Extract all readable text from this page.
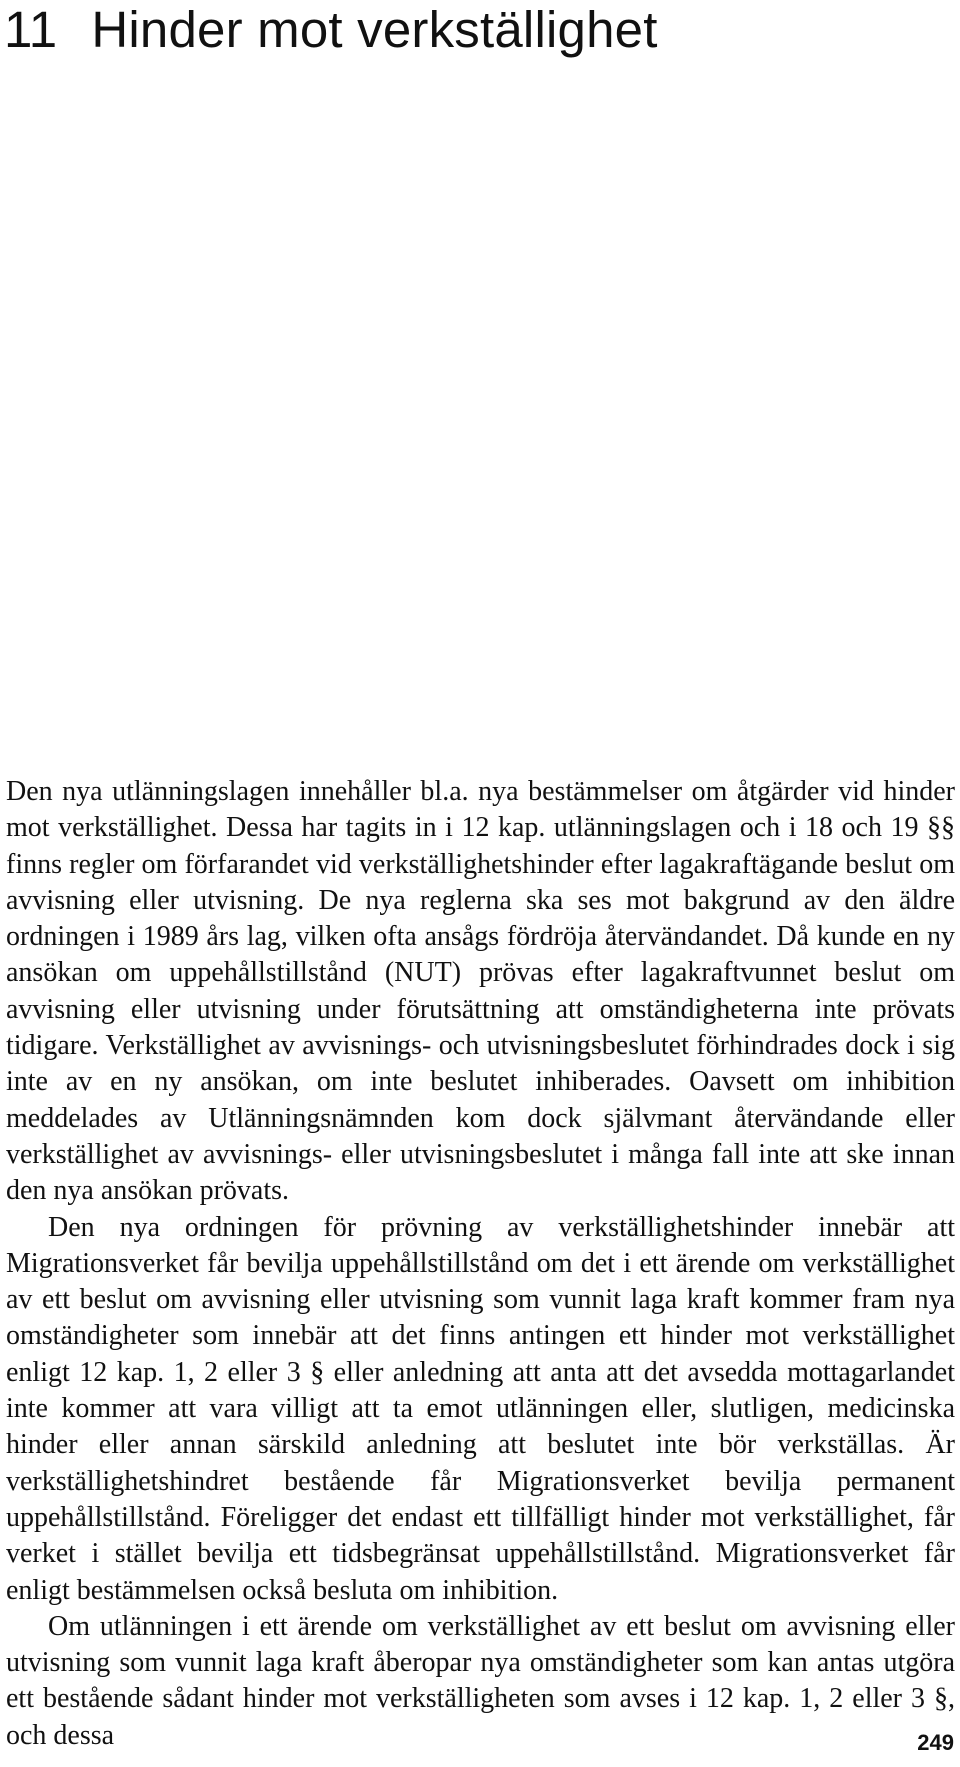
11 Hinder mot verkställighet

Den nya utlänningslagen innehåller bl.a. nya bestämmelser om åtgärder vid hinder mot verkställighet. Dessa har tagits in i 12 kap. utlänningslagen och i 18 och 19 §§ finns regler om förfarandet vid verkställighetshinder efter lagakraftägande beslut om avvisning eller utvisning. De nya reglerna ska ses mot bakgrund av den äldre ordningen i 1989 års lag, vilken ofta ansågs fördröja återvändandet. Då kunde en ny ansökan om uppehållstillstånd (NUT) prövas efter lagakraftvunnet beslut om avvisning eller utvisning under förutsättning att omständigheterna inte prövats tidigare. Verkställighet av avvisnings- och utvisningsbeslutet förhindrades dock i sig inte av en ny ansökan, om inte beslutet inhiberades. Oavsett om inhibition meddelades av Utlänningsnämnden kom dock självmant återvändande eller verkställighet av avvisnings- eller utvisningsbeslutet i många fall inte att ske innan den nya ansökan prövats.

Den nya ordningen för prövning av verkställighetshinder innebär att Migrationsverket får bevilja uppehållstillstånd om det i ett ärende om verkställighet av ett beslut om avvisning eller utvisning som vunnit laga kraft kommer fram nya omständigheter som innebär att det finns antingen ett hinder mot verkställighet enligt 12 kap. 1, 2 eller 3 § eller anledning att anta att det avsedda mottagarlandet inte kommer att vara villigt att ta emot utlänningen eller, slutligen, medicinska hinder eller annan särskild anledning att beslutet inte bör verkställas. Är verkställighetshindret bestående får Migrationsverket bevilja permanent uppehållstillstånd. Föreligger det endast ett tillfälligt hinder mot verkställighet, får verket i stället bevilja ett tidsbegränsat uppehållstillstånd. Migrationsverket får enligt bestämmelsen också besluta om inhibition.

Om utlänningen i ett ärende om verkställighet av ett beslut om avvisning eller utvisning som vunnit laga kraft åberopar nya omständigheter som kan antas utgöra ett bestående sådant hinder mot verkställigheten som avses i 12 kap. 1, 2 eller 3 §, och dessa	249
